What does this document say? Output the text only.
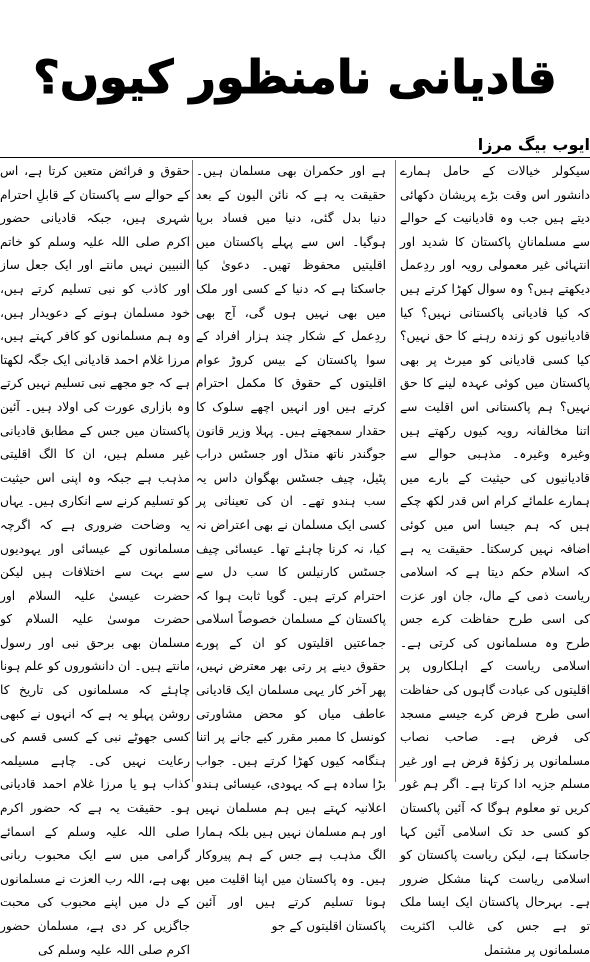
قادیانی نامنظور کیوں؟
ایوب بیگ مرزا

سیکولر خیالات کے حامل ہمارے دانشور اس وقت بڑے پریشان دکھائی دیتے ہیں جب وہ قادیانیت کے حوالے سے مسلمانانِ پاکستان کا شدید اور انتہائی غیر معمولی رویہ اور ردِعمل دیکھتے ہیں؟ وہ سوال کھڑا کرتے ہیں کہ کیا قادیانی پاکستانی نہیں؟ کیا قادیانیوں کو زندہ رہنے کا حق نہیں؟ کیا کسی قادیانی کو میرٹ پر بھی پاکستان میں کوئی عہدہ لینے کا حق نہیں؟ ہم پاکستانی اس اقلیت سے اتنا مخالفانہ رویہ کیوں رکھتے ہیں وغیرہ وغیرہ۔ مذہبی حوالے سے قادیانیوں کی حیثیت کے بارے میں ہمارے علمائے کرام اس قدر لکھ چکے ہیں کہ ہم جیسا اس میں کوئی اضافہ نہیں کرسکتا۔ حقیقت یہ ہے کہ اسلام حکم دیتا ہے کہ اسلامی ریاست ذمی کے مال، جان اور عزت کی اسی طرح حفاظت کرے جس طرح وہ مسلمانوں کی کرتی ہے۔ اسلامی ریاست کے اہلکاروں پر اقلیتوں کی عبادت گاہوں کی حفاظت اسی طرح فرض کرے جیسے مسجد کی فرض ہے۔ صاحب نصاب مسلمانوں پر زکوٰۃ فرض ہے اور غیر مسلم جزیہ ادا کرتا ہے۔ اگر ہم غور کریں تو معلوم ہوگا کہ آئین پاکستان کو کسی حد تک اسلامی آئین کہا جاسکتا ہے، لیکن ریاست پاکستان کو اسلامی ریاست کہنا مشکل ضرور ہے۔ بہرحال پاکستان ایک ایسا ملک تو ہے جس کی غالب اکثریت مسلمانوں پر مشتمل

ہے اور حکمران بھی مسلمان ہیں۔ حقیقت یہ ہے کہ نائن الیون کے بعد دنیا بدل گئی، دنیا میں فساد برپا ہوگیا۔ اس سے پہلے پاکستان میں اقلیتیں محفوظ تھیں۔ دعویٰ کیا جاسکتا ہے کہ دنیا کے کسی اور ملک میں بھی نہیں ہوں گی، آج بھی ردِعمل کے شکار چند ہزار افراد کے سوا پاکستان کے بیس کروڑ عوام اقلیتوں کے حقوق کا مکمل احترام کرتے ہیں اور انہیں اچھے سلوک کا حقدار سمجھتے ہیں۔ پہلا وزیر قانون جوگندر ناتھ منڈل اور جسٹس دراب پٹیل، چیف جسٹس بھگوان داس یہ سب ہندو تھے۔ ان کی تعیناتی پر کسی ایک مسلمان نے بھی اعتراض نہ کیا، نہ کرنا چاہئے تھا۔ عیسائی چیف جسٹس کارنیلس کا سب دل سے احترام کرتے ہیں۔ گویا ثابت ہوا کہ پاکستان کے مسلمان خصوصاً اسلامی جماعتیں اقلیتوں کو ان کے پورے حقوق دینے پر رتی بھر معترض نہیں، پھر آخر کار یہی مسلمان ایک قادیانی عاطف میاں کو محض مشاورتی کونسل کا ممبر مقرر کیے جانے پر اتنا ہنگامہ کیوں کھڑا کرتے ہیں۔ جواب بڑا سادہ ہے کہ یہودی، عیسائی ہندو اعلانیہ کہتے ہیں ہم مسلمان نہیں اور ہم مسلمان نہیں ہیں بلکہ ہمارا الگ مذہب ہے جس کے ہم پیروکار ہیں۔ وہ پاکستان میں اپنا اقلیت میں ہونا تسلیم کرتے ہیں اور آئین پاکستان اقلیتوں کے جو

حقوق و فرائض متعین کرتا ہے، اس کے حوالے سے پاکستان کے قابلِ احترام شہری ہیں، جبکہ قادیانی حضور اکرم صلی اللہ علیہ وسلم کو خاتم النبیین نہیں مانتے اور ایک جعل ساز اور کاذب کو نبی تسلیم کرتے ہیں، خود مسلمان ہونے کے دعویدار ہیں، وہ ہم مسلمانوں کو کافر کہتے ہیں، مرزا غلام احمد قادیانی ایک جگہ لکھتا ہے کہ جو مجھے نبی تسلیم نہیں کرتے وہ بازاری عورت کی اولاد ہیں۔ آئین پاکستان میں جس کے مطابق قادیانی غیر مسلم ہیں، ان کا الگ اقلیتی مذہب ہے جبکہ وہ اپنی اس حیثیت کو تسلیم کرنے سے انکاری ہیں۔ یہاں یہ وضاحت ضروری ہے کہ اگرچہ مسلمانوں کے عیسائی اور یہودیوں سے بہت سے اختلافات ہیں لیکن حضرت عیسیٰ علیہ السلام اور حضرت موسیٰ علیہ السلام کو مسلمان بھی برحق نبی اور رسول مانتے ہیں۔ ان دانشوروں کو علم ہونا چاہئے کہ مسلمانوں کی تاریخ کا روشن پہلو یہ ہے کہ انہوں نے کبھی کسی جھوٹے نبی کے کسی قسم کی رعایت نہیں کی۔ چاہے مسیلمہ کذاب ہو یا مرزا غلام احمد قادیانی ہو۔ حقیقت یہ ہے کہ حضور اکرم صلی اللہ علیہ وسلم کے اسمائے گرامی میں سے ایک محبوب ربانی بھی ہے، اللہ رب العزت نے مسلمانوں کے دل میں اپنے محبوب کی محبت جاگزیں کر دی ہے، مسلمان حضور اکرم صلی اللہ علیہ وسلم کی
